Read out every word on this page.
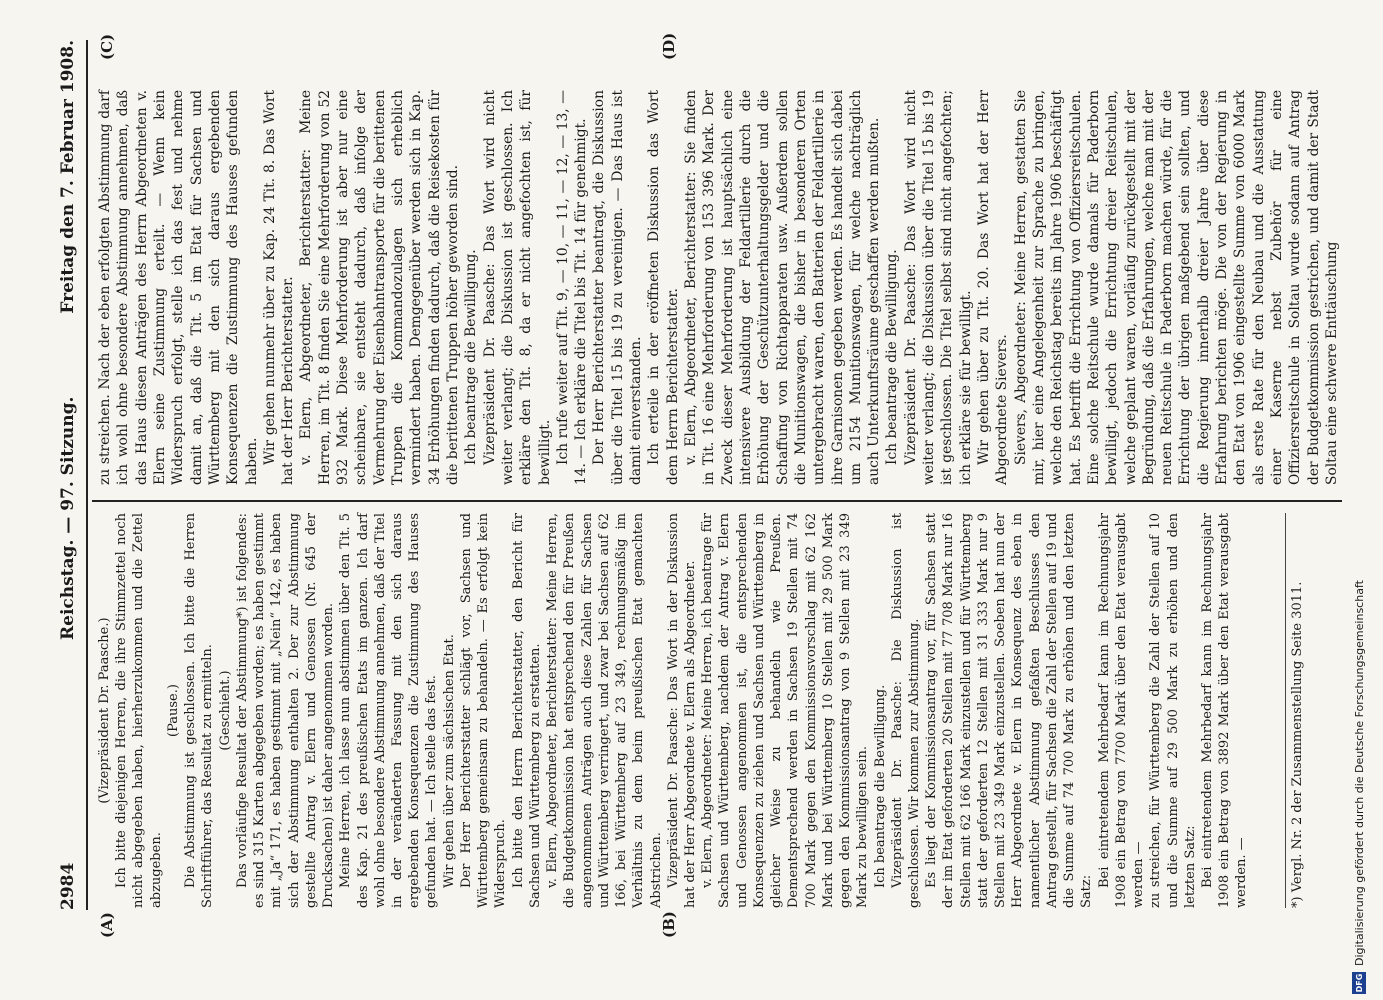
2984
Reichstag. — 97. Sitzung.
Freitag den 7. Februar 1908.
(A)	(B)
(C)	(D)

(Vizepräsident Dr. Paasche.) Ich bitte diejenigen Herren, die ihre Stimmzettel noch nicht abgegeben haben, hierherzukommen und die Zettel abzugeben.

(Pause.) Die Abstimmung ist geschlossen. Ich bitte die Herren Schriftführer, das Resultat zu ermitteln. (Geschieht.) Das vorläufige Resultat der Abstimmung*) ist folgendes: es sind 315 Karten abgegeben worden; es haben gestimmt mit „Ja“ 171, es haben gestimmt mit „Nein“ 142, es haben sich der Abstimmung enthalten 2. Der zur Abstimmung gestellte Antrag v. Elern und Genossen (Nr. 645 der Drucksachen) ist daher angenommen worden. Meine Herren, ich lasse nun abstimmen über den Tit. 5 des Kap. 21 des preußischen Etats im ganzen. Ich darf wohl ohne besondere Abstimmung annehmen, daß der Titel in der veränderten Fassung mit den sich daraus ergebenden Konsequenzen die Zustimmung des Hauses gefunden hat. — Ich stelle das fest. Wir gehen über zum sächsischen Etat. Der Herr Berichterstatter schlägt vor, Sachsen und Württemberg gemeinsam zu behandeln. — Es erfolgt kein Widerspruch. Ich bitte den Herrn Berichterstatter, den Bericht für Sachsen und Württemberg zu erstatten. v. Elern, Abgeordneter, Berichterstatter: Meine Herren, die Budgetkommission hat entsprechend den für Preußen angenommenen Anträgen auch diese Zahlen für Sachsen und Württemberg verringert, und zwar bei Sachsen auf 62 166, bei Württemberg auf 23 349, rechnungsmäßig im Verhältnis zu dem beim preußischen Etat gemachten Abstrichen. Vizepräsident Dr. Paasche: Das Wort in der Diskussion hat der Herr Abgeordnete v. Elern als Abgeordneter. v. Elern, Abgeordneter: Meine Herren, ich beantrage für Sachsen und Württemberg, nachdem der Antrag v. Elern und Genossen angenommen ist, die entsprechenden Konsequenzen zu ziehen und Sachsen und Württemberg in gleicher Weise zu behandeln wie Preußen. Dementsprechend werden in Sachsen 19 Stellen mit 74 700 Mark gegen den Kommissionsvorschlag mit 62 162 Mark und bei Württemberg 10 Stellen mit 29 500 Mark gegen den Kommissionsantrag von 9 Stellen mit 23 349 Mark zu bewilligen sein. Ich beantrage die Bewilligung. Vizepräsident Dr. Paasche: Die Diskussion ist geschlossen. Wir kommen zur Abstimmung. Es liegt der Kommissionsantrag vor, für Sachsen statt der im Etat geforderten 20 Stellen mit 77 708 Mark nur 16 Stellen mit 62 166 Mark einzustellen und für Württemberg statt der geforderten 12 Stellen mit 31 333 Mark nur 9 Stellen mit 23 349 Mark einzustellen. Soeben hat nun der Herr Abgeordnete v. Elern in Konsequenz des eben in namentlicher Abstimmung gefaßten Beschlusses den Antrag gestellt, für Sachsen die Zahl der Stellen auf 19 und die Summe auf 74 700 Mark zu erhöhen und den letzten Satz:

Bei eintretendem Mehrbedarf kann im Rechnungsjahr 1908 ein Betrag von 7700 Mark über den Etat verausgabt werden — zu streichen, für Württemberg die Zahl der Stellen auf 10 und die Summe auf 29 500 Mark zu erhöhen und den letzten Satz: Bei eintretendem Mehrbedarf kann im Rechnungsjahr 1908 ein Betrag von 3892 Mark über den Etat verausgabt werden. —	*) Vergl. Nr. 2 der Zusammenstellung Seite 3011.

zu streichen. Nach der eben erfolgten Abstimmung darf ich wohl ohne besondere Abstimmung annehmen, daß das Haus diesen Anträgen des Herrn Abgeordneten v. Elern seine Zustimmung erteilt. — Wenn kein Widerspruch erfolgt, stelle ich das fest und nehme damit an, daß die Tit. 5 im Etat für Sachsen und Württemberg mit den sich daraus ergebenden Konsequenzen die Zustimmung des Hauses gefunden haben. Wir gehen nunmehr über zu Kap. 24 Tit. 8. Das Wort hat der Herr Berichterstatter. v. Elern, Abgeordneter, Berichterstatter: Meine Herren, im Tit. 8 finden Sie eine Mehrforderung von 52 932 Mark. Diese Mehrforderung ist aber nur eine scheinbare, sie entsteht dadurch, daß infolge der Vermehrung der Eisenbahntransporte für die berittenen Truppen die Kommandozulagen sich erheblich vermindert haben. Demgegenüber werden sich in Kap. 34 Erhöhungen finden dadurch, daß die Reisekosten für die berittenen Truppen höher geworden sind. Ich beantrage die Bewilligung. Vizepräsident Dr. Paasche: Das Wort wird nicht weiter verlangt; die Diskussion ist geschlossen. Ich erkläre den Tit. 8, da er nicht angefochten ist, für bewilligt. Ich rufe weiter auf Tit. 9, — 10, — 11, — 12, — 13, — 14. — Ich erkläre die Titel bis Tit. 14 für genehmigt. Der Herr Berichterstatter beantragt, die Diskussion über die Titel 15 bis 19 zu vereinigen. — Das Haus ist damit einverstanden. Ich erteile in der eröffneten Diskussion das Wort dem Herrn Berichterstatter. v. Elern, Abgeordneter, Berichterstatter: Sie finden in Tit. 16 eine Mehrforderung von 153 396 Mark. Der Zweck dieser Mehrforderung ist hauptsächlich eine intensivere Ausbildung der Feldartillerie durch die Erhöhung der Geschützunterhaltungsgelder und die Schaffung von Richtapparaten usw. Außerdem sollen die Munitionswagen, die bisher in besonderen Orten untergebracht waren, den Batterien der Feldartillerie in ihre Garnisonen gegeben werden. Es handelt sich dabei um 2154 Munitionswagen, für welche nachträglich auch Unterkunftsräume geschaffen werden mußten. Ich beantrage die Bewilligung. Vizepräsident Dr. Paasche: Das Wort wird nicht weiter verlangt; die Diskussion über die Titel 15 bis 19 ist geschlossen. Die Titel selbst sind nicht angefochten; ich erkläre sie für bewilligt. Wir gehen über zu Tit. 20. Das Wort hat der Herr Abgeordnete Sievers. Sievers, Abgeordneter: Meine Herren, gestatten Sie mir, hier eine Angelegenheit zur Sprache zu bringen, welche den Reichstag bereits im Jahre 1906 beschäftigt hat. Es betrifft die Errichtung von Offiziersreitschulen. Eine solche Reitschule wurde damals für Paderborn bewilligt, jedoch die Errichtung dreier Reitschulen, welche geplant waren, vorläufig zurückgestellt mit der Begründung, daß die Erfahrungen, welche man mit der neuen Reitschule in Paderborn machen würde, für die Errichtung der übrigen maßgebend sein sollten, und die Regierung innerhalb dreier Jahre über diese Erfahrung berichten möge. Die von der Regierung in den Etat von 1906 eingestellte Summe von 6000 Mark als erste Rate für den Neubau und die Ausstattung einer Kaserne nebst Zubehör für eine Offiziersreitschule in Soltau wurde sodann auf Antrag der Budgetkommission gestrichen, und damit der Stadt Soltau eine schwere Enttäuschung

DFG
Digitalisierung gefördert durch die Deutsche Forschungsgemeinschaft
